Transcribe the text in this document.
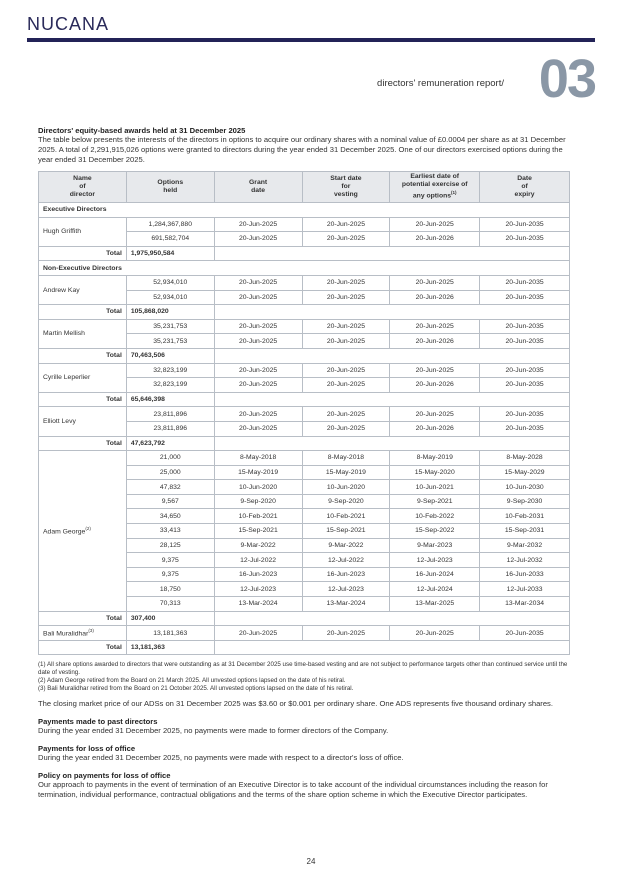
NUCANA
directors' remuneration report/ 03

Directors' equity-based awards held at 31 December 2025

The table below presents the interests of the directors in options to acquire our ordinary shares with a nominal value of £0.0004 per share as at 31 December 2025. A total of 2,291,915,026 options were granted to directors during the year ended 31 December 2025. One of our directors exercised options during the year ended 31 December 2025.

Name
of
director	Options
held	Grant
date	Start date
for
vesting	Earliest date of
potential exercise of
any options$^{(1)}$	Date
of
expiry
Executive Directors					
Hugh Griffith	1,284,367,880	20-Jun-2025	20-Jun-2025	20-Jun-2025	20-Jun-2035
	691,582,704	20-Jun-2025	20-Jun-2025	20-Jun-2026	20-Jun-2035
Total	1,975,950,584				
Non-Executive Directors					
Andrew Kay	52,934,010	20-Jun-2025	20-Jun-2025	20-Jun-2025	20-Jun-2035
	52,934,010	20-Jun-2025	20-Jun-2025	20-Jun-2026	20-Jun-2035
Total	105,868,020				
Martin Mellish	35,231,753	20-Jun-2025	20-Jun-2025	20-Jun-2025	20-Jun-2035
	35,231,753	20-Jun-2025	20-Jun-2025	20-Jun-2026	20-Jun-2035
Total	70,463,506				
Cyrille Leperlier	32,823,199	20-Jun-2025	20-Jun-2025	20-Jun-2025	20-Jun-2035
	32,823,199	20-Jun-2025	20-Jun-2025	20-Jun-2026	20-Jun-2035
Total	65,646,398				
Elliott Levy	23,811,896	20-Jun-2025	20-Jun-2025	20-Jun-2025	20-Jun-2035
	23,811,896	20-Jun-2025	20-Jun-2025	20-Jun-2026	20-Jun-2035
Total	47,623,792				
Adam George$^{(2)}$	21,000	8-May-2018	8-May-2018	8-May-2019	8-May-2028
	25,000	15-May-2019	15-May-2019	15-May-2020	15-May-2029
	47,832	10-Jun-2020	10-Jun-2020	10-Jun-2021	10-Jun-2030
	9,567	9-Sep-2020	9-Sep-2020	9-Sep-2021	9-Sep-2030
	34,650	10-Feb-2021	10-Feb-2021	10-Feb-2022	10-Feb-2031
	33,413	15-Sep-2021	15-Sep-2021	15-Sep-2022	15-Sep-2031
	28,125	9-Mar-2022	9-Mar-2022	9-Mar-2023	9-Mar-2032
	9,375	12-Jul-2022	12-Jul-2022	12-Jul-2023	12-Jul-2032
	9,375	16-Jun-2023	16-Jun-2023	16-Jun-2024	16-Jun-2033
	18,750	12-Jul-2023	12-Jul-2023	12-Jul-2024	12-Jul-2033
	70,313	13-Mar-2024	13-Mar-2024	13-Mar-2025	13-Mar-2034
Total	307,400				
Bali Muralidhar$^{(3)}$	13,181,363	20-Jun-2025	20-Jun-2025	20-Jun-2025	20-Jun-2035
Total	13,181,363				
(1) All share options awarded to directors that were outstanding as at 31 December 2025 use time-based vesting and are not subject to performance targets other than continued service until the date of vesting.
(2) Adam George retired from the Board on 21 March 2025. All unvested options lapsed on the date of his retiral.
(3) Bali Muralidhar retired from the Board on 21 October 2025. All unvested options lapsed on the date of his retiral.

The closing market price of our ADSs on 31 December 2025 was $3.60 or $0.001 per ordinary share. One ADS represents five thousand ordinary shares.

Payments made to past directors

During the year ended 31 December 2025, no payments were made to former directors of the Company.

Payments for loss of office

During the year ended 31 December 2025, no payments were made with respect to a director's loss of office.

Policy on payments for loss of office

Our approach to payments in the event of termination of an Executive Director is to take account of the individual circumstances including the reason for termination, individual performance, contractual obligations and the terms of the share option scheme in which the Executive Director participates.

24
